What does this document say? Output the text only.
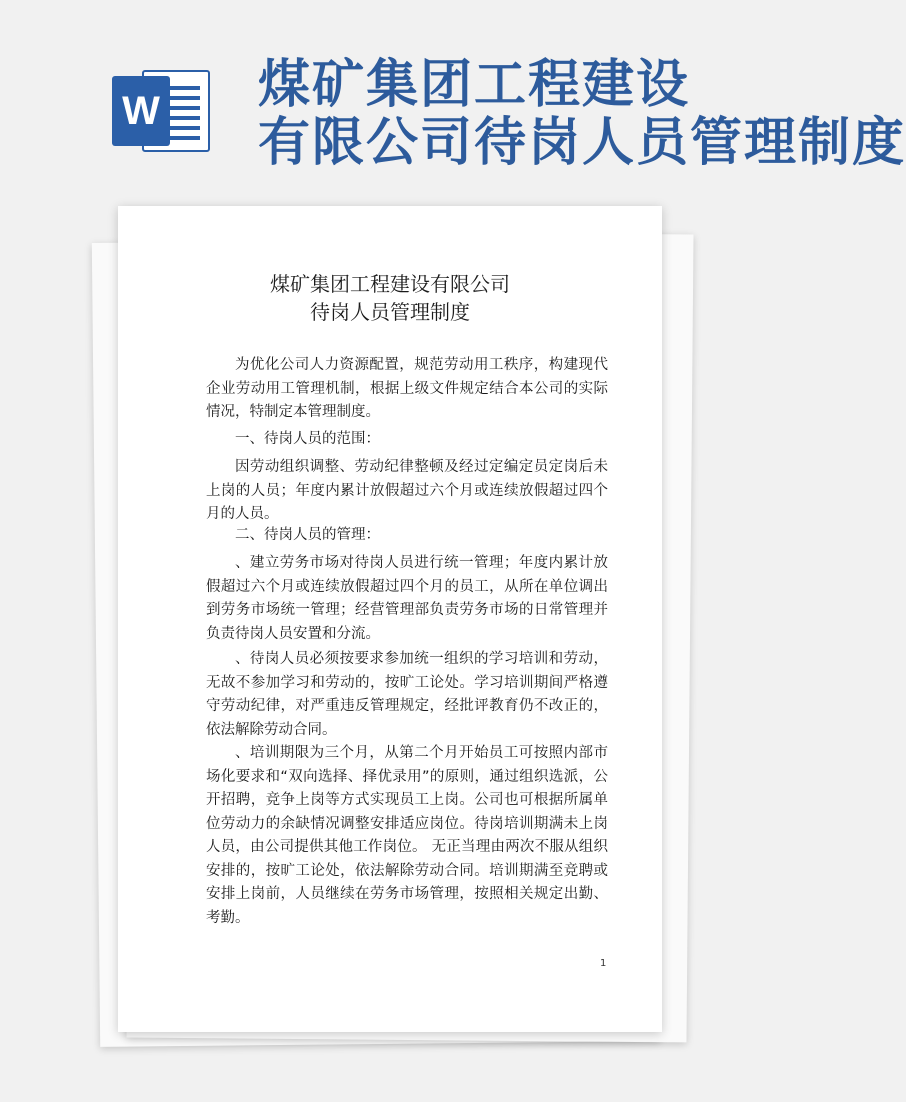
W 煤矿集团工程建设
有限公司待岗人员管理制度
煤矿集团工程建设有限公司
待岗人员管理制度
为优化公司人力资源配置，规范劳动用工秩序，构建现代企业劳动用工管理机制，根据上级文件规定结合本公司的实际情况，特制定本管理制度。
一、待岗人员的范围：
因劳动组织调整、劳动纪律整顿及经过定编定员定岗后未上岗的人员；年度内累计放假超过六个月或连续放假超过四个月的人员。
二、待岗人员的管理：
、建立劳务市场对待岗人员进行统一管理；年度内累计放假超过六个月或连续放假超过四个月的员工，从所在单位调出到劳务市场统一管理；经营管理部负责劳务市场的日常管理并负责待岗人员安置和分流。
、待岗人员必须按要求参加统一组织的学习培训和劳动，无故不参加学习和劳动的，按旷工论处。学习培训期间严格遵守劳动纪律，对严重违反管理规定，经批评教育仍不改正的，依法解除劳动合同。
、培训期限为三个月，从第二个月开始员工可按照内部市场化要求和“双向选择、择优录用”的原则，通过组织选派，公开招聘，竞争上岗等方式实现员工上岗。公司也可根据所属单位劳动力的余缺情况调整安排适应岗位。待岗培训期满未上岗人员，由公司提供其他工作岗位。 无正当理由两次不服从组织安排的，按旷工论处，依法解除劳动合同。培训期满至竞聘或安排上岗前，人员继续在劳务市场管理，按照相关规定出勤、考勤。
1
